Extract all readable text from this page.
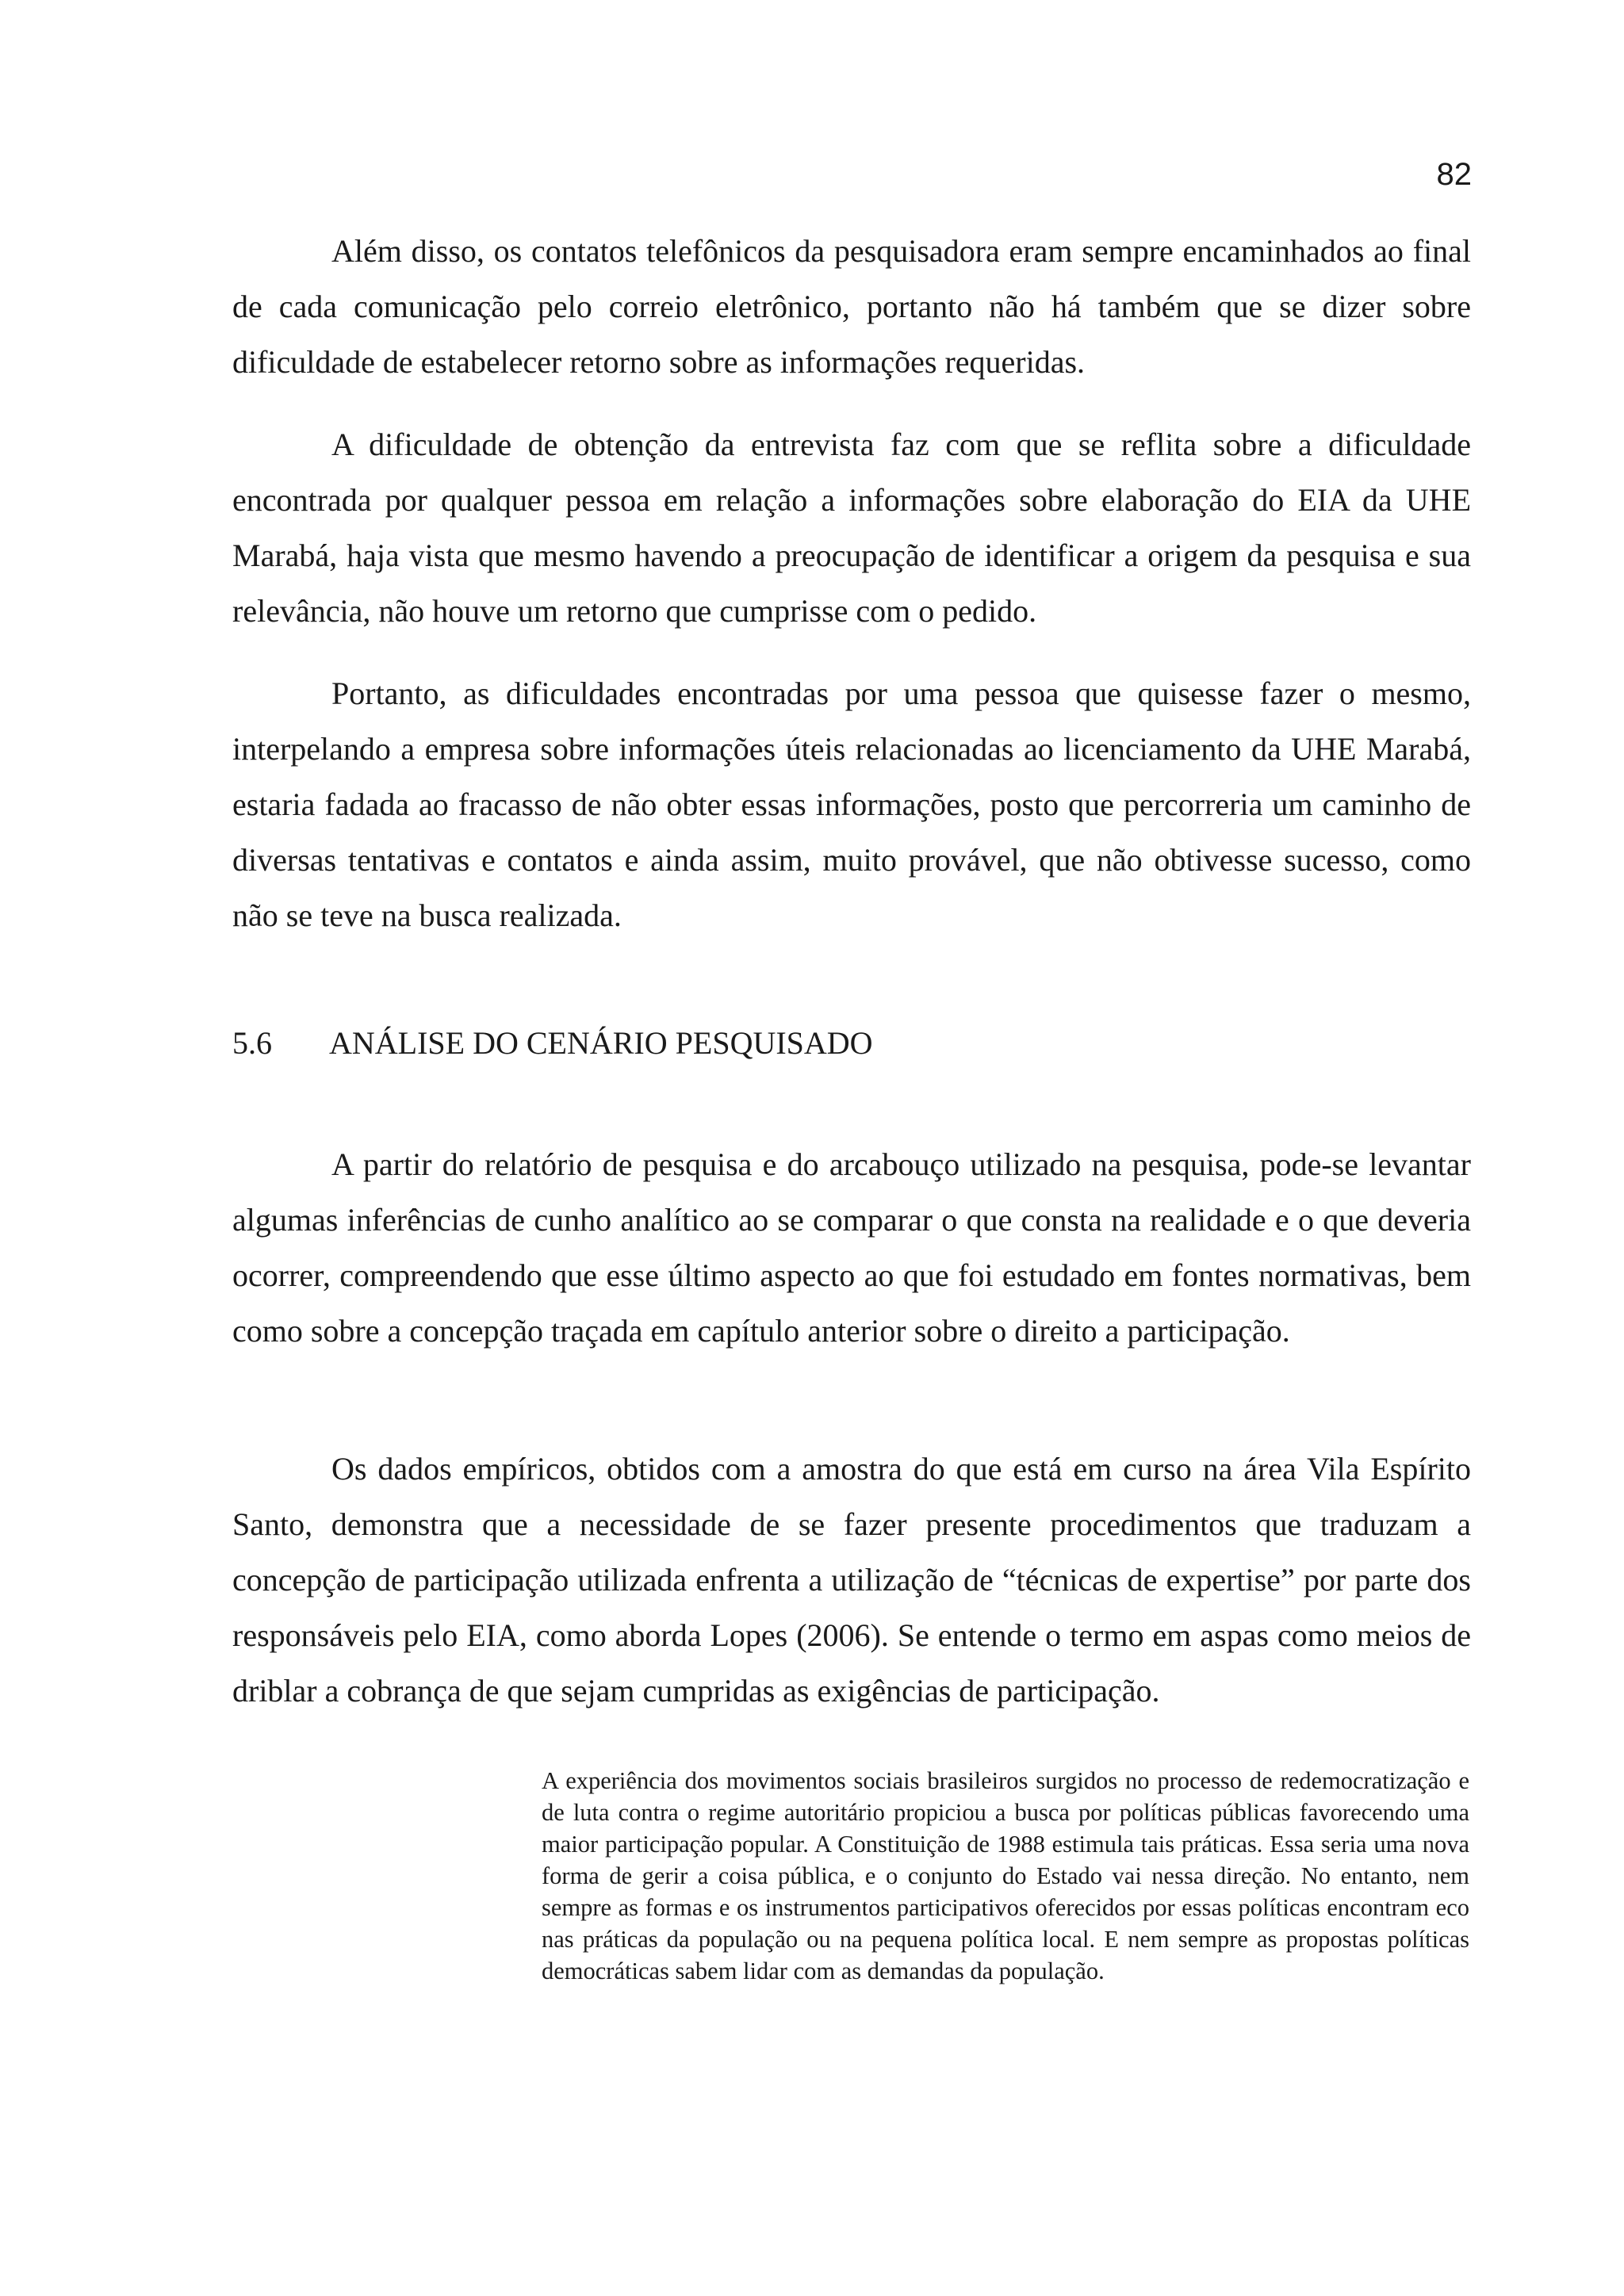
82

Além disso, os contatos telefônicos da pesquisadora eram sempre encaminhados ao final de cada comunicação pelo correio eletrônico, portanto não há também que se dizer sobre dificuldade de estabelecer retorno sobre as informações requeridas.

A dificuldade de obtenção da entrevista faz com que se reflita sobre a dificuldade encontrada por qualquer pessoa em relação a informações sobre elaboração do EIA da UHE Marabá, haja vista que mesmo havendo a preocupação de identificar a origem da pesquisa e sua relevância, não houve um retorno que cumprisse com o pedido.

Portanto, as dificuldades encontradas por uma pessoa que quisesse fazer o mesmo, interpelando a empresa sobre informações úteis relacionadas ao licenciamento da UHE Marabá, estaria fadada ao fracasso de não obter essas informações, posto que percorreria um caminho de diversas tentativas e contatos e ainda assim, muito provável, que não obtivesse sucesso, como não se teve na busca realizada.

5.6 ANÁLISE DO CENÁRIO PESQUISADO

A partir do relatório de pesquisa e do arcabouço utilizado na pesquisa, pode-se levantar algumas inferências de cunho analítico ao se comparar o que consta na realidade e o que deveria ocorrer, compreendendo que esse último aspecto ao que foi estudado em fontes normativas, bem como sobre a concepção traçada em capítulo anterior sobre o direito a participação.

Os dados empíricos, obtidos com a amostra do que está em curso na área Vila Espírito Santo, demonstra que a necessidade de se fazer presente procedimentos que traduzam a concepção de participação utilizada enfrenta a utilização de “técnicas de expertise” por parte dos responsáveis pelo EIA, como aborda Lopes (2006). Se entende o termo em aspas como meios de driblar a cobrança de que sejam cumpridas as exigências de participação.

A experiência dos movimentos sociais brasileiros surgidos no processo de redemocratização e de luta contra o regime autoritário propiciou a busca por políticas públicas favorecendo uma maior participação popular. A Constituição de 1988 estimula tais práticas. Essa seria uma nova forma de gerir a coisa pública, e o conjunto do Estado vai nessa direção. No entanto, nem sempre as formas e os instrumentos participativos oferecidos por essas políticas encontram eco nas práticas da população ou na pequena política local. E nem sempre as propostas políticas democráticas sabem lidar com as demandas da população.
